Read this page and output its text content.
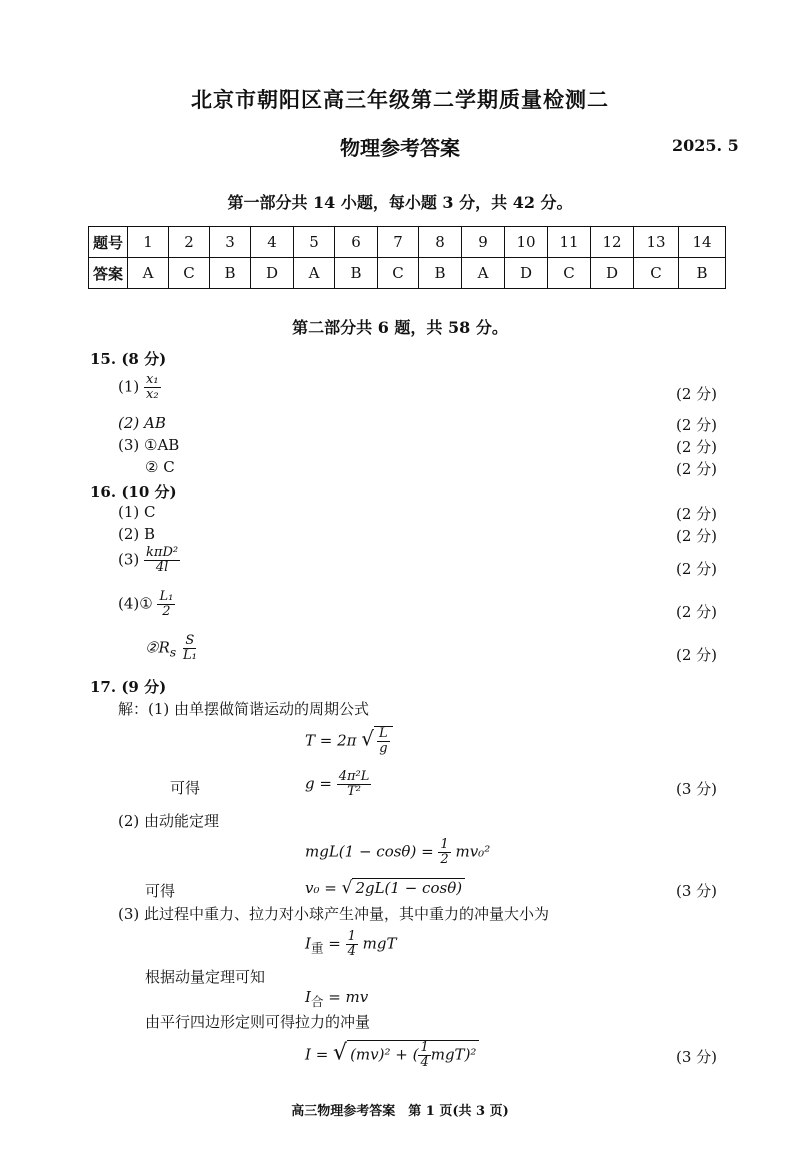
北京市朝阳区高三年级第二学期质量检测二
物理参考答案	2025. 5
第一部分共 14 小题，每小题 3 分，共 42 分。
题号	1	2	3	4	5	6	7	8	9	10	11	12	13	14
答案	A	C	B	D	A	B	C	B	A	D	C	D	C	B
第二部分共 6 题，共 58 分。
15. (8 分)
$(1) \frac{\text{x₁}}{\text{x₂}}$	(2 分)
(2) AB	(2 分)
(3) ①AB	(2 分)
② C	(2 分)
16. (10 分)
(1) C	(2 分)
(2) B	(2 分)
$(3) \frac{\text{kπD²}}{4l}$	(2 分)
(4)① $\frac{\text{L₁}}{2}$	(2 分)
$②R_s \frac{S}{\text{L₁}}$	(2 分)
17. (9 分)
解：(1) 由单摆做简谐运动的周期公式
T = 2π √ $\frac{L}{g}$
可得	$g = \frac{\text{4π²L}}{\text{T²}}$	(3 分)
(2) 由动能定理
$mgL(1 - \cos\theta) = \frac{1}{2} mv_0^2$
可得	v₀ = √ 2gL(1 − cosθ)	(3 分)
(3) 此过程中重力、拉力对小球产生冲量，其中重力的冲量大小为
$I_重 = \frac{1}{4}$ mgT
根据动量定理可知
$I_合$ = mv
由平行四边形定则可得拉力的冲量
I = √ (mv)² + ( $\frac{1}{4} mgT)^2$	(3 分)
高三物理参考答案　第 1 页(共 3 页)
